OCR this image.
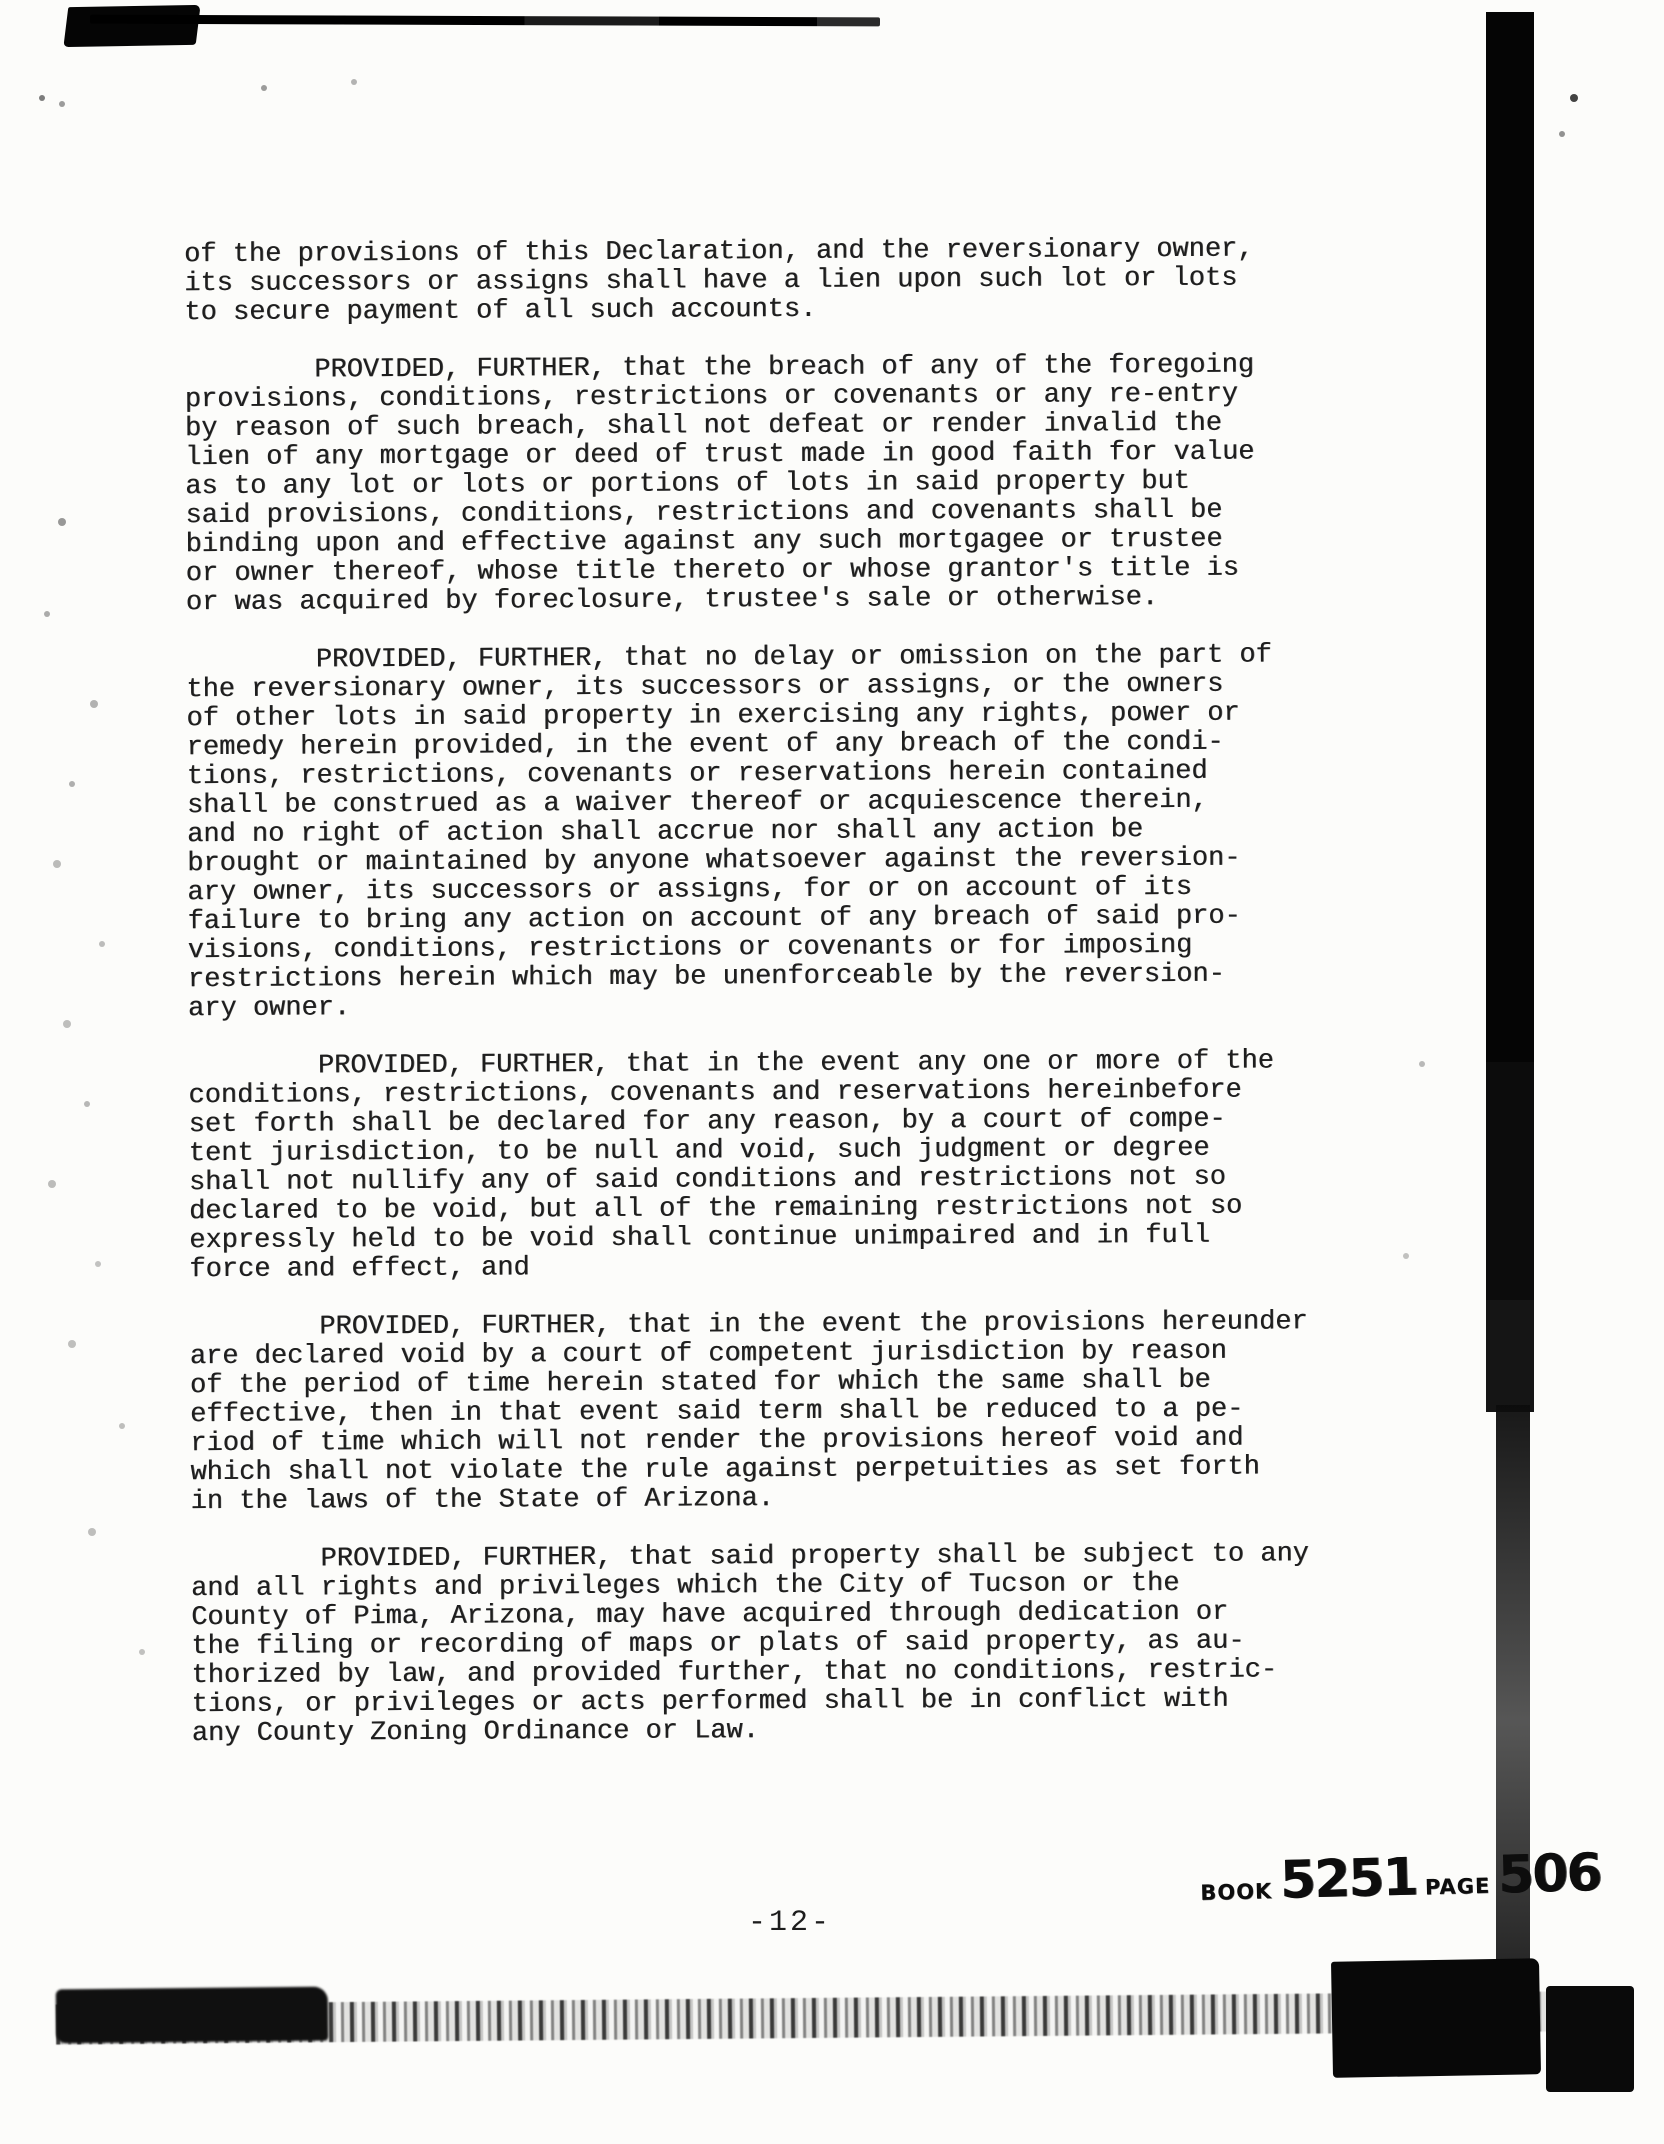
of the provisions of this Declaration, and the reversionary owner,
its successors or assigns shall have a lien upon such lot or lots
to secure payment of all such accounts.
PROVIDED, FURTHER, that the breach of any of the foregoing
provisions, conditions, restrictions or covenants or any re-entry
by reason of such breach, shall not defeat or render invalid the
lien of any mortgage or deed of trust made in good faith for value
as to any lot or lots or portions of lots in said property but
said provisions, conditions, restrictions and covenants shall be
binding upon and effective against any such mortgagee or trustee
or owner thereof, whose title thereto or whose grantor's title is
or was acquired by foreclosure, trustee's sale or otherwise.
PROVIDED, FURTHER, that no delay or omission on the part of
the reversionary owner, its successors or assigns, or the owners
of other lots in said property in exercising any rights, power or
remedy herein provided, in the event of any breach of the condi-
tions, restrictions, covenants or reservations herein contained
shall be construed as a waiver thereof or acquiescence therein,
and no right of action shall accrue nor shall any action be
brought or maintained by anyone whatsoever against the reversion-
ary owner, its successors or assigns, for or on account of its
failure to bring any action on account of any breach of said pro-
visions, conditions, restrictions or covenants or for imposing
restrictions herein which may be unenforceable by the reversion-
ary owner.
PROVIDED, FURTHER, that in the event any one or more of the
conditions, restrictions, covenants and reservations hereinbefore
set forth shall be declared for any reason, by a court of compe-
tent jurisdiction, to be null and void, such judgment or degree
shall not nullify any of said conditions and restrictions not so
declared to be void, but all of the remaining restrictions not so
expressly held to be void shall continue unimpaired and in full
force and effect, and
PROVIDED, FURTHER, that in the event the provisions hereunder
are declared void by a court of competent jurisdiction by reason
of the period of time herein stated for which the same shall be
effective, then in that event said term shall be reduced to a pe-
riod of time which will not render the provisions hereof void and
which shall not violate the rule against perpetuities as set forth
in the laws of the State of Arizona.
PROVIDED, FURTHER, that said property shall be subject to any
and all rights and privileges which the City of Tucson or the
County of Pima, Arizona, may have acquired through dedication or
the filing or recording of maps or plats of said property, as au-
thorized by law, and provided further, that no conditions, restric-
tions, or privileges or acts performed shall be in conflict with
any County Zoning Ordinance or Law.
BOOK 5251 PAGE 506
-12-
